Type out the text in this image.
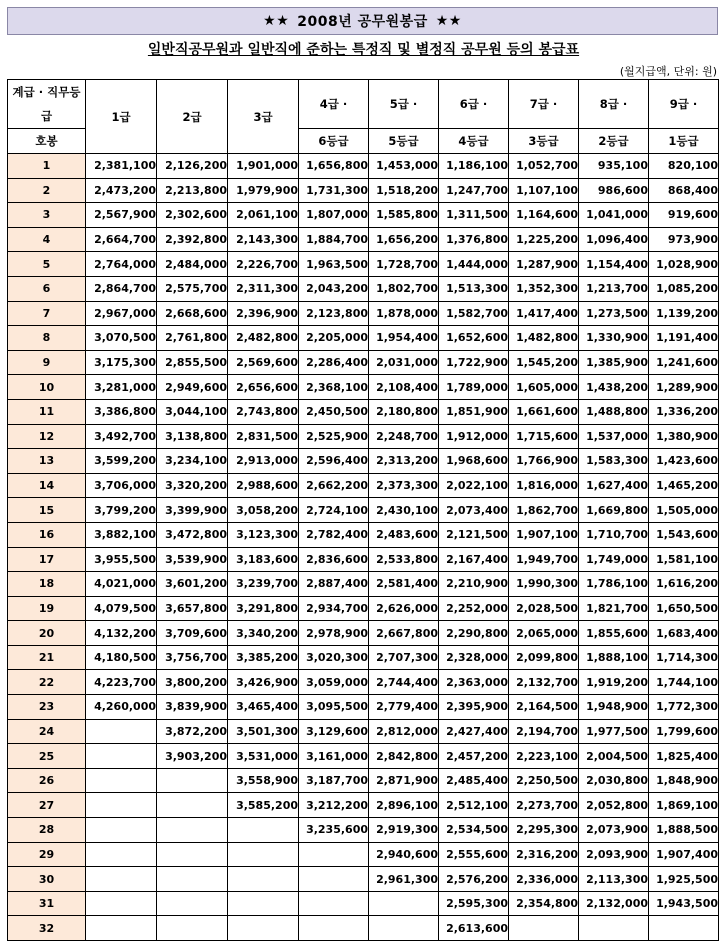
★★ 2008년 공무원봉급 ★★
일반직공무원과 일반직에 준하는 특정직 및 별정직 공무원 등의 봉급표
(월지급액, 단위: 원)
계급 · 직무등급	1급	2급	3급	4급 ·	5급 ·	6급 ·	7급 ·	8급 ·	9급 ·
호봉				6등급	5등급	4등급	3등급	2등급	1등급
1	2,381,100	2,126,200	1,901,000	1,656,800	1,453,000	1,186,100	1,052,700	935,100	820,100
2	2,473,200	2,213,800	1,979,900	1,731,300	1,518,200	1,247,700	1,107,100	986,600	868,400
3	2,567,900	2,302,600	2,061,100	1,807,000	1,585,800	1,311,500	1,164,600	1,041,000	919,600
4	2,664,700	2,392,800	2,143,300	1,884,700	1,656,200	1,376,800	1,225,200	1,096,400	973,900
5	2,764,000	2,484,000	2,226,700	1,963,500	1,728,700	1,444,000	1,287,900	1,154,400	1,028,900
6	2,864,700	2,575,700	2,311,300	2,043,200	1,802,700	1,513,300	1,352,300	1,213,700	1,085,200
7	2,967,000	2,668,600	2,396,900	2,123,800	1,878,000	1,582,700	1,417,400	1,273,500	1,139,200
8	3,070,500	2,761,800	2,482,800	2,205,000	1,954,400	1,652,600	1,482,800	1,330,900	1,191,400
9	3,175,300	2,855,500	2,569,600	2,286,400	2,031,000	1,722,900	1,545,200	1,385,900	1,241,600
10	3,281,000	2,949,600	2,656,600	2,368,100	2,108,400	1,789,000	1,605,000	1,438,200	1,289,900
11	3,386,800	3,044,100	2,743,800	2,450,500	2,180,800	1,851,900	1,661,600	1,488,800	1,336,200
12	3,492,700	3,138,800	2,831,500	2,525,900	2,248,700	1,912,000	1,715,600	1,537,000	1,380,900
13	3,599,200	3,234,100	2,913,000	2,596,400	2,313,200	1,968,600	1,766,900	1,583,300	1,423,600
14	3,706,000	3,320,200	2,988,600	2,662,200	2,373,300	2,022,100	1,816,000	1,627,400	1,465,200
15	3,799,200	3,399,900	3,058,200	2,724,100	2,430,100	2,073,400	1,862,700	1,669,800	1,505,000
16	3,882,100	3,472,800	3,123,300	2,782,400	2,483,600	2,121,500	1,907,100	1,710,700	1,543,600
17	3,955,500	3,539,900	3,183,600	2,836,600	2,533,800	2,167,400	1,949,700	1,749,000	1,581,100
18	4,021,000	3,601,200	3,239,700	2,887,400	2,581,400	2,210,900	1,990,300	1,786,100	1,616,200
19	4,079,500	3,657,800	3,291,800	2,934,700	2,626,000	2,252,000	2,028,500	1,821,700	1,650,500
20	4,132,200	3,709,600	3,340,200	2,978,900	2,667,800	2,290,800	2,065,000	1,855,600	1,683,400
21	4,180,500	3,756,700	3,385,200	3,020,300	2,707,300	2,328,000	2,099,800	1,888,100	1,714,300
22	4,223,700	3,800,200	3,426,900	3,059,000	2,744,400	2,363,000	2,132,700	1,919,200	1,744,100
23	4,260,000	3,839,900	3,465,400	3,095,500	2,779,400	2,395,900	2,164,500	1,948,900	1,772,300
24		3,872,200	3,501,300	3,129,600	2,812,000	2,427,400	2,194,700	1,977,500	1,799,600
25		3,903,200	3,531,000	3,161,000	2,842,800	2,457,200	2,223,100	2,004,500	1,825,400
26			3,558,900	3,187,700	2,871,900	2,485,400	2,250,500	2,030,800	1,848,900
27			3,585,200	3,212,200	2,896,100	2,512,100	2,273,700	2,052,800	1,869,100
28				3,235,600	2,919,300	2,534,500	2,295,300	2,073,900	1,888,500
29					2,940,600	2,555,600	2,316,200	2,093,900	1,907,400
30					2,961,300	2,576,200	2,336,000	2,113,300	1,925,500
31						2,595,300	2,354,800	2,132,000	1,943,500
32						2,613,600			
